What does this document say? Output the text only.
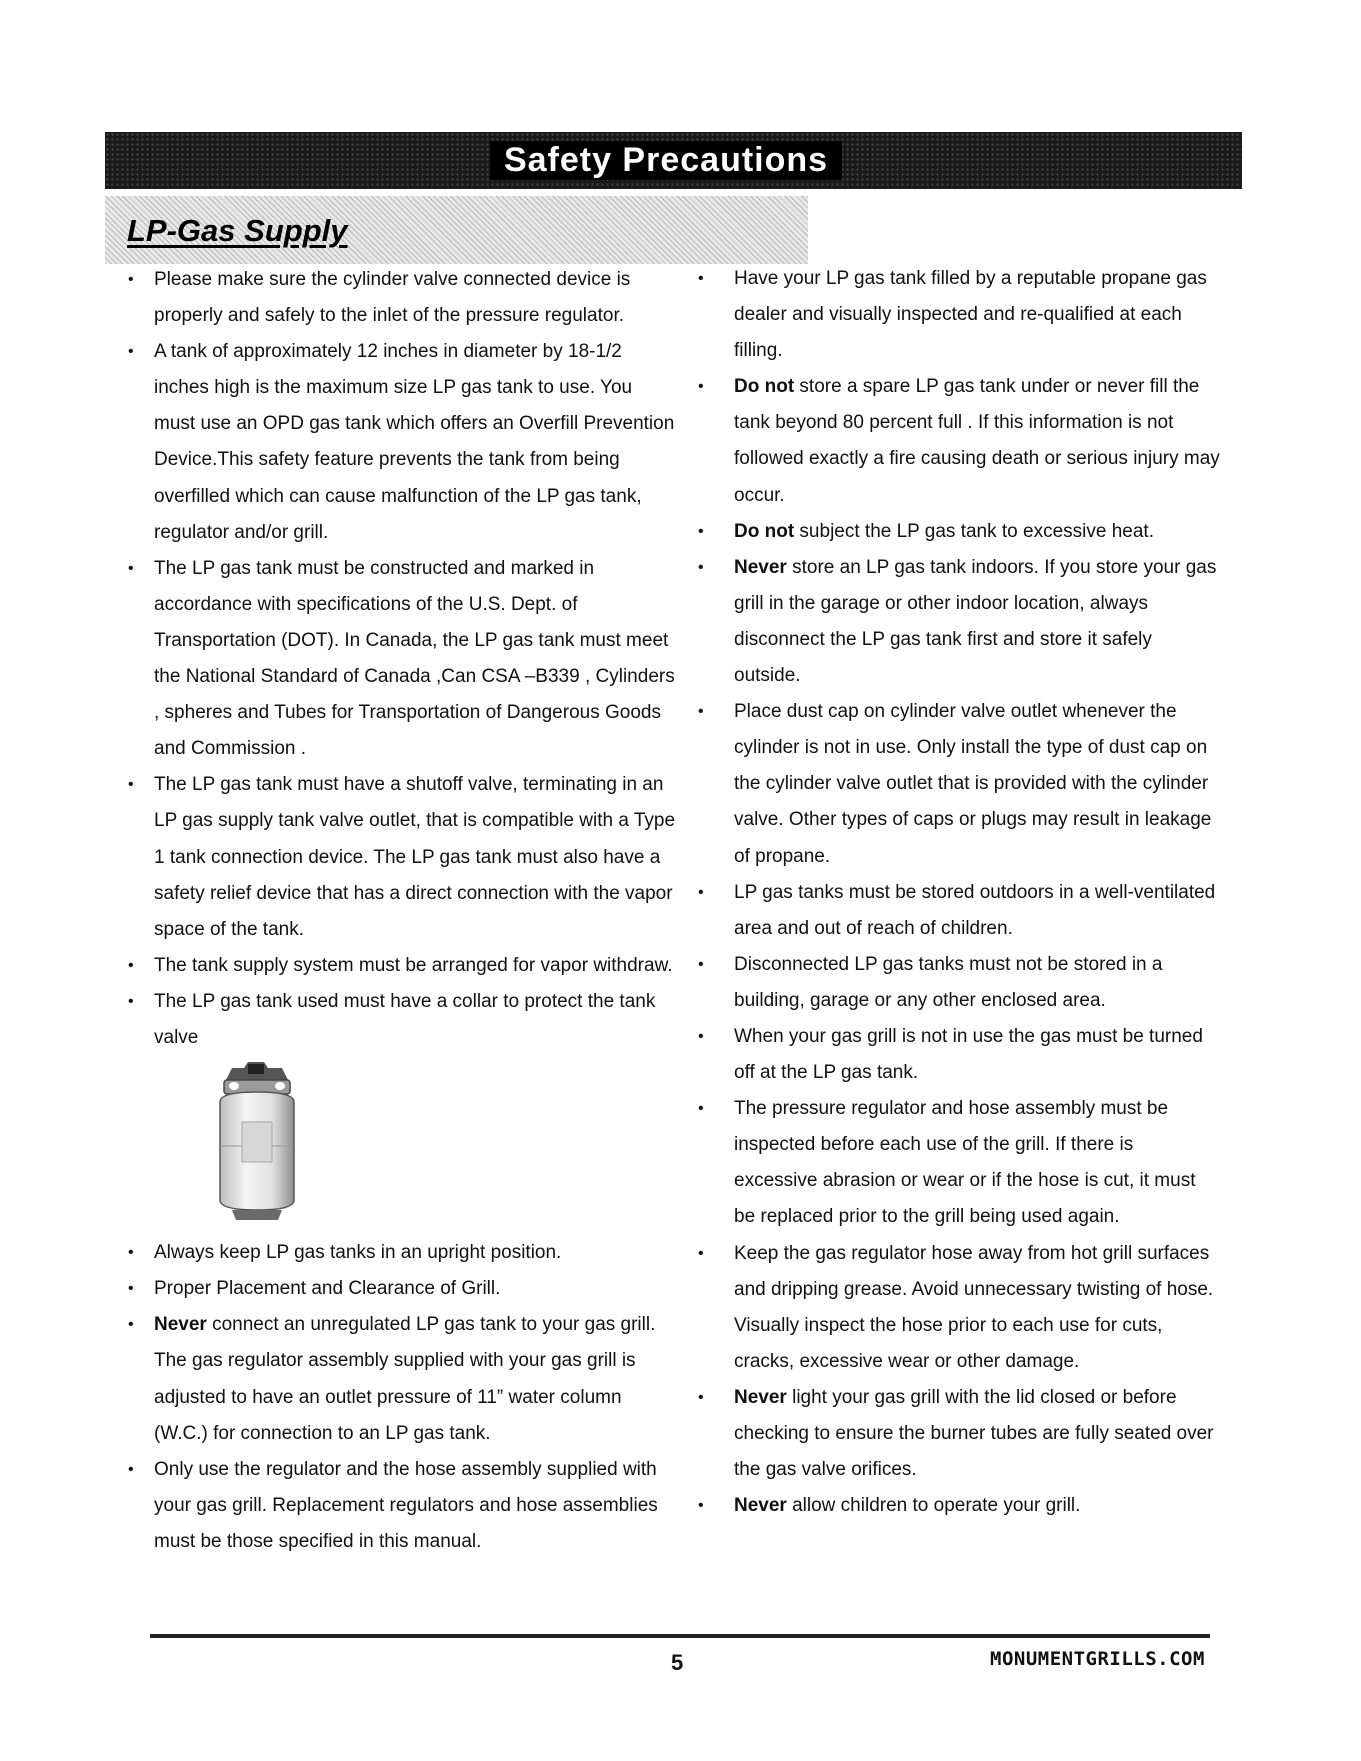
Safety Precautions
LP-Gas Supply
• Please make sure the cylinder valve connected device is properly and safely to the inlet of the pressure regulator.
• A tank of approximately 12 inches in diameter by 18-1/2 inches high is the maximum size LP gas tank to use. You must use an OPD gas tank which offers an Overfill Prevention Device.This safety feature prevents the tank from being overfilled which can cause malfunction of the LP gas tank, regulator and/or grill.
• The LP gas tank must be constructed and marked in accordance with specifications of the U.S. Dept. of Transportation (DOT). In Canada, the LP gas tank must meet the National Standard of Canada ,Can CSA –B339 , Cylinders , spheres and Tubes for Transportation of Dangerous Goods and Commission .
• The LP gas tank must have a shutoff valve, terminating in an LP gas supply tank valve outlet, that is compatible with a Type 1 tank connection device. The LP gas tank must also have a safety relief device that has a direct connection with the vapor space of the tank.
• The tank supply system must be arranged for vapor withdraw.
• The LP gas tank used must have a collar to protect the tank valve
• Always keep LP gas tanks in an upright position.
• Proper Placement and Clearance of Grill.
• Never connect an unregulated LP gas tank to your gas grill. The gas regulator assembly supplied with your gas grill is adjusted to have an outlet pressure of 11” water column (W.C.) for connection to an LP gas tank.
• Only use the regulator and the hose assembly supplied with your gas grill. Replacement regulators and hose assemblies must be those specified in this manual.
• Have your LP gas tank filled by a reputable propane gas dealer and visually inspected and re-qualified at each filling.
• Do not store a spare LP gas tank under or never fill the tank beyond 80 percent full . If this information is not followed exactly a fire causing death or serious injury may occur.
• Do not subject the LP gas tank to excessive heat.
• Never store an LP gas tank indoors. If you store your gas grill in the garage or other indoor location, always disconnect the LP gas tank first and store it safely outside.
• Place dust cap on cylinder valve outlet whenever the cylinder is not in use. Only install the type of dust cap on the cylinder valve outlet that is provided with the cylinder valve. Other types of caps or plugs may result in leakage of propane.
• LP gas tanks must be stored outdoors in a well-ventilated area and out of reach of children.
• Disconnected LP gas tanks must not be stored in a building, garage or any other enclosed area.
• When your gas grill is not in use the gas must be turned off at the LP gas tank.
• The pressure regulator and hose assembly must be inspected before each use of the grill. If there is excessive abrasion or wear or if the hose is cut, it must be replaced prior to the grill being used again.
• Keep the gas regulator hose away from hot grill surfaces and dripping grease. Avoid unnecessary twisting of hose. Visually inspect the hose prior to each use for cuts, cracks, excessive wear or other damage.
• Never light your gas grill with the lid closed or before checking to ensure the burner tubes are fully seated over the gas valve orifices.
• Never allow children to operate your grill.
5	MONUMENTGRILLS.COM
